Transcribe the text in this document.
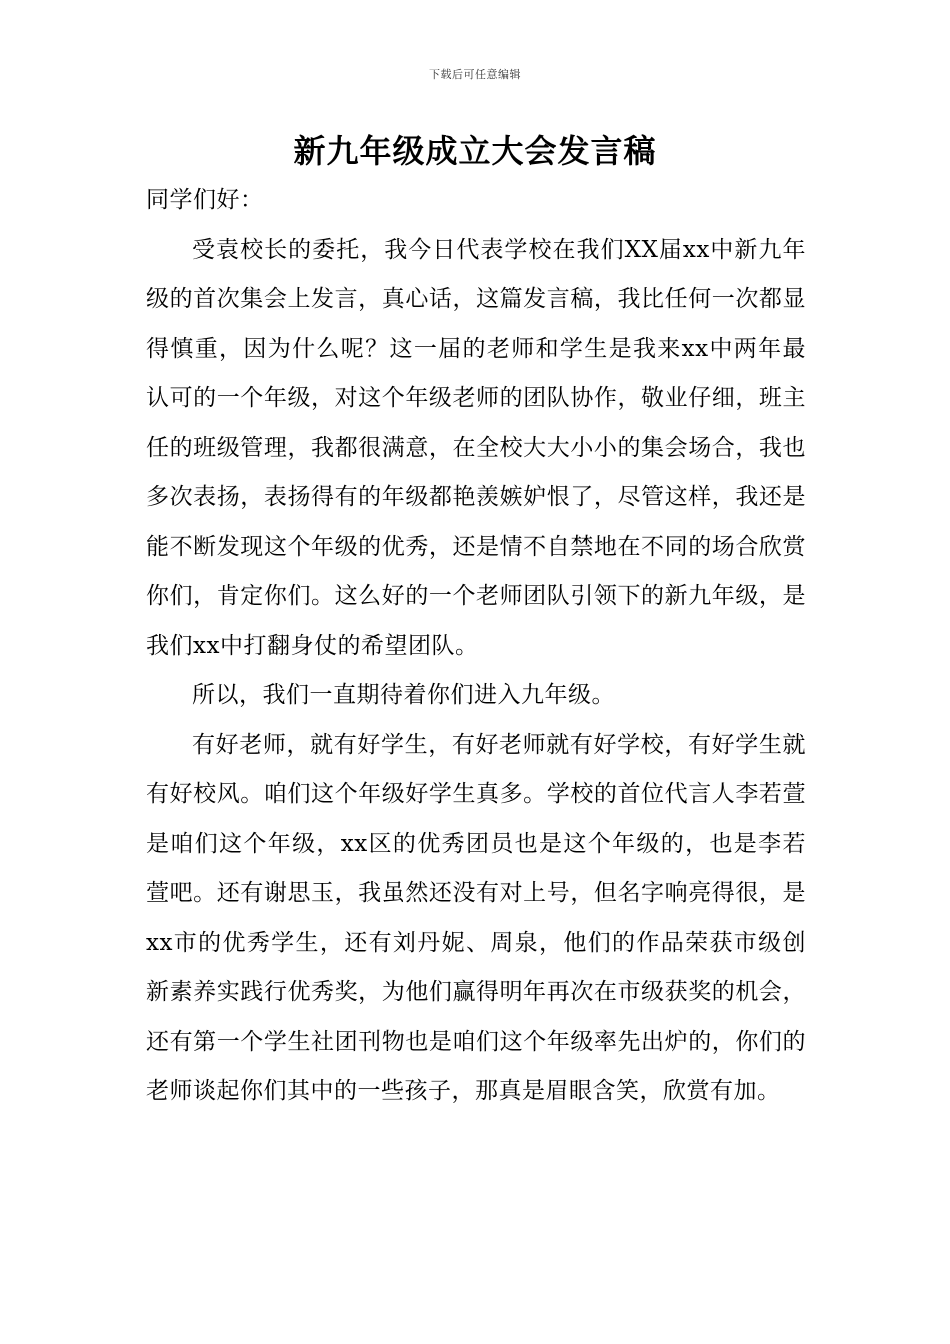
下载后可任意编辑
新九年级成立大会发言稿

同学们好：

受袁校长的委托，我今日代表学校在我们XX届xx中新九年级的首次集会上发言，真心话，这篇发言稿，我比任何一次都显得慎重，因为什么呢？这一届的老师和学生是我来xx中两年最认可的一个年级，对这个年级老师的团队协作，敬业仔细，班主任的班级管理，我都很满意，在全校大大小小的集会场合，我也多次表扬，表扬得有的年级都艳羡嫉妒恨了，尽管这样，我还是能不断发现这个年级的优秀，还是情不自禁地在不同的场合欣赏你们，肯定你们。这么好的一个老师团队引领下的新九年级，是我们xx中打翻身仗的希望团队。

所以，我们一直期待着你们进入九年级。

有好老师，就有好学生，有好老师就有好学校，有好学生就有好校风。咱们这个年级好学生真多。学校的首位代言人李若萱是咱们这个年级，xx区的优秀团员也是这个年级的，也是李若萱吧。还有谢思玉，我虽然还没有对上号，但名字响亮得很，是xx市的优秀学生，还有刘丹妮、周泉，他们的作品荣获市级创新素养实践行优秀奖，为他们赢得明年再次在市级获奖的机会，还有第一个学生社团刊物也是咱们这个年级率先出炉的，你们的老师谈起你们其中的一些孩子，那真是眉眼含笑，欣赏有加。
